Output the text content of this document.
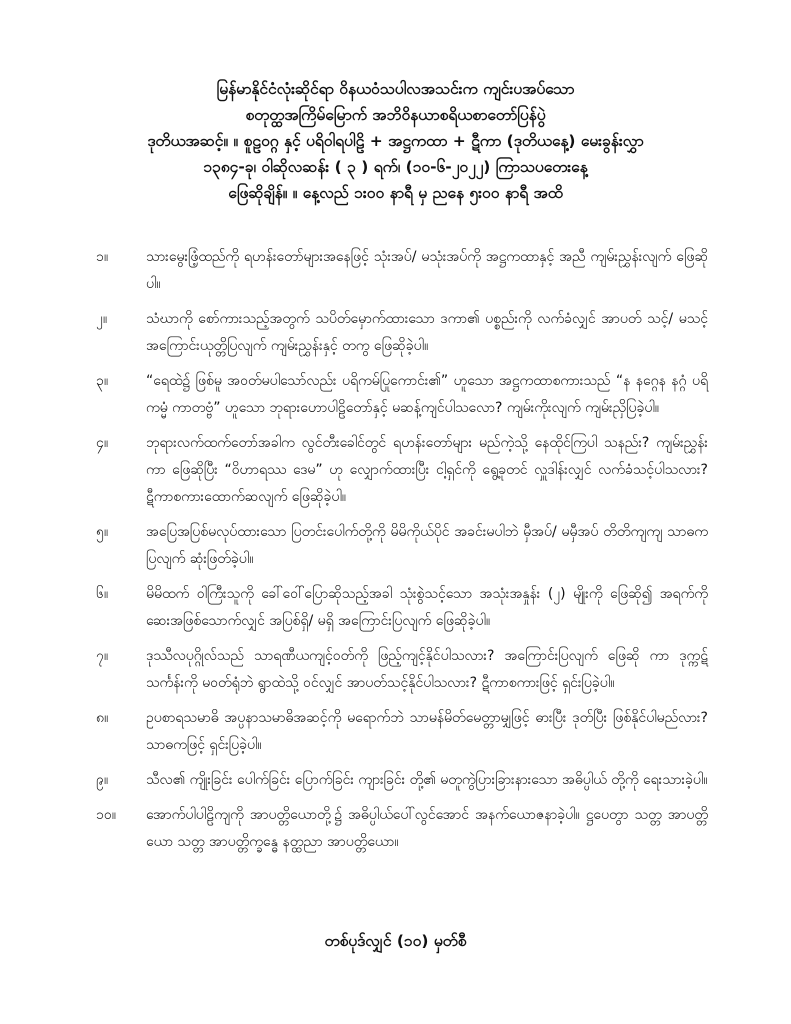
မြန်မာနိုင်ငံလုံးဆိုင်ရာ ဝိနယဝံသပါလအသင်းက ကျင်းပအပ်သော
စတုတ္ထအကြိမ်မြောက် အဘိဝိနယာစရိယစာတော်ပြန်ပွဲ
ဒုတိယအဆင့်။ ။ စူဠဝဂ္ဂ နှင့် ပရိဝါရပါဠိ + အဋ္ဌကထာ + ဋီကာ (ဒုတိယနေ့) မေးခွန်းလွှာ
၁၃၈၄-ခု၊ ဝါဆိုလဆန်း ( ၃ ) ရက်၊ (၁၀-၆-၂၀၂၂) ကြာသပတေးနေ့
ဖြေဆိုချိန်။ ။ နေ့လည် ၁း၀၀ နာရီ မှ ညနေ ၅း၀၀ နာရီ အထိ
၁။	သားမွေးဖြံ့ထည်ကို ရဟန်းတော်များအနေဖြင့် သုံးအပ်/ မသုံးအပ်ကို အဋ္ဌကထာနှင့် အညီ ကျမ်းညွှန်းလျက် ဖြေဆိုပါ။
၂။	သံဃာကို စော်ကားသည့်အတွက် သပိတ်မှောက်ထားသော ဒကာ၏ ပစ္စည်းကို လက်ခံလျှင် အာပတ် သင့်/ မသင့် အကြောင်းယုတ္တိပြလျက် ကျမ်းညွှန်းနှင့် တကွ ဖြေဆိုခဲ့ပါ။
၃။	“ရေထဲ၌ ဖြစ်မူ အဝတ်မပါသော်လည်း ပရိကမ်ပြုကောင်း၏” ဟူသော အဋ္ဌကထာစကားသည် “န နဂ္ဂေန နဂ္ဂံ ပရိကမ္မံ ကာတဗ္ဗံ” ဟူသော ဘုရားဟောပါဠိတော်နှင့် မဆန့်ကျင်ပါသလော? ကျမ်းကိုးလျက် ကျမ်းညှိပြခဲ့ပါ။
၄။	ဘုရားလက်ထက်တော်အခါက လွင်တီးခေါင်တွင် ရဟန်းတော်များ မည်ကဲ့သို့ နေထိုင်ကြပါ သနည်း? ကျမ်းညွှန်းကာ ဖြေဆိုပြီး “ဝိဟာရဿ ဒေမ” ဟု လျှောက်ထားပြီး ငါ့ရှင်ကို ရွေ့ခုတင် လှူဒါန်းလျှင် လက်ခံသင့်ပါသလား? ဋီကာစကားထောက်ဆလျက် ဖြေဆိုခဲ့ပါ။
၅။	အပြေအပြစ်မလုပ်ထားသော ပြတင်းပေါက်တို့ကို မိမိကိုယ်ပိုင် အခင်းမပါဘဲ မှီအပ်/ မမှီအပ် တိတိကျကျ သာဓကပြလျက် ဆုံးဖြတ်ခဲ့ပါ။
၆။	မိမိထက် ဝါကြီးသူကို ခေါ်ဝေါ်ပြောဆိုသည့်အခါ သုံးစွဲသင့်သော အသုံးအနှုန်း (၂) မျိုးကို ဖြေဆို၍ အရက်ကို ဆေးအဖြစ်သောက်လျှင် အပြစ်ရှိ/ မရှိ အကြောင်းပြလျက် ဖြေဆိုခဲ့ပါ။
၇။	ဒုဿီလပုဂ္ဂိုလ်သည် သာရဏီယကျင့်ဝတ်ကို ဖြည့်ကျင့်နိုင်ပါသလား? အကြောင်းပြလျက် ဖြေဆို ကာ ဒုက္ကဋ်သင်္ကန်းကို မဝတ်ရုံဘဲ ရွာထဲသို့ ဝင်လျှင် အာပတ်သင့်နိုင်ပါသလား? ဋီကာစကားဖြင့် ရှင်းပြခဲ့ပါ။
၈။	ဥပစာရသမာဓိ အပ္ပနာသမာဓိအဆင့်ကို မရောက်ဘဲ သာမန်မိတ်မေတ္တာမျှဖြင့် ဓားပြီး ဒုတ်ပြီး ဖြစ်နိုင်ပါမည်လား? သာဓကဖြင့် ရှင်းပြခဲ့ပါ။
၉။	သီလ၏ ကျိုးခြင်း ပေါက်ခြင်း ပြောက်ခြင်း ကျားခြင်း တို့၏ မတူကွဲပြားခြားနားသော အဓိပ္ပါယ် တို့ကို ရေးသားခဲ့ပါ။
၁၀။	အောက်ပါပါဠိကျကို အာပတ္တိယောတို့၌ အဓိပ္ပါယ်ပေါ်လွင်အောင် အနက်ယောဇနာခဲ့ပါ။ ဋ္ဌပေတွာ သတ္တ အာပတ္တိယော သတ္တ အာပတ္တိက္ခန္ဓေ နတ္ထညာ အာပတ္တိယော။
တစ်ပုဒ်လျှင် (၁၀) မှတ်စီ
